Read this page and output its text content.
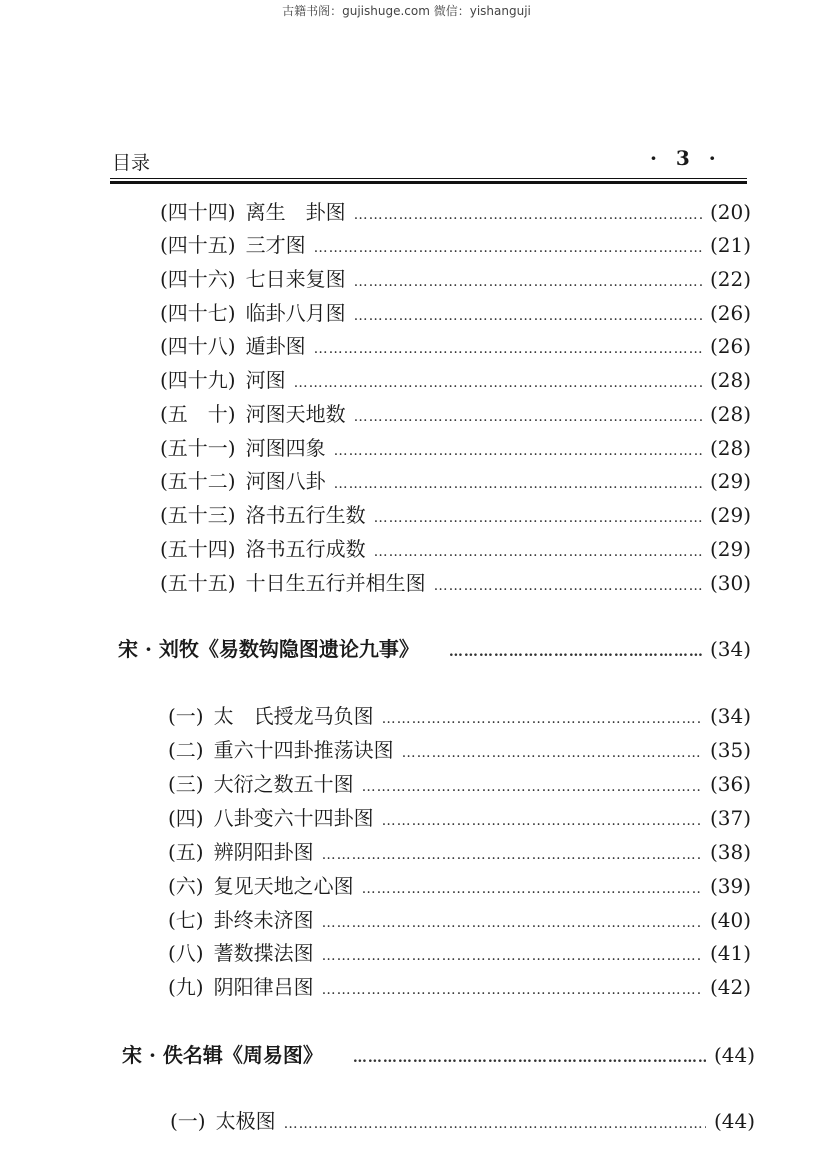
古籍书阁：gujishuge.com 微信：yishanguji
目录	· 3 ·
(四十四) 离生　卦图 …………………………………………………………………………………………………………………………………………	(20)
(四十五) 三才图 …………………………………………………………………………………………………………………………………………	(21)
(四十六) 七日来复图 …………………………………………………………………………………………………………………………………………	(22)
(四十七) 临卦八月图 …………………………………………………………………………………………………………………………………………	(26)
(四十八) 遁卦图 …………………………………………………………………………………………………………………………………………	(26)
(四十九) 河图 …………………………………………………………………………………………………………………………………………	(28)
(五　十) 河图天地数 …………………………………………………………………………………………………………………………………………	(28)
(五十一) 河图四象 …………………………………………………………………………………………………………………………………………	(28)
(五十二) 河图八卦 …………………………………………………………………………………………………………………………………………	(29)
(五十三) 洛书五行生数 …………………………………………………………………………………………………………………………………………	(29)
(五十四) 洛书五行成数 …………………………………………………………………………………………………………………………………………	(29)
(五十五) 十日生五行并相生图 …………………………………………………………………………………………………………………………………………	(30)
宋 · 刘牧《易数钩隐图遗论九事》 …………………………………………………………………………………………………………………………………………	(34)
(一) 太　氏授龙马负图 …………………………………………………………………………………………………………………………………………	(34)
(二) 重六十四卦推荡诀图 …………………………………………………………………………………………………………………………………………	(35)
(三) 大衍之数五十图 …………………………………………………………………………………………………………………………………………	(36)
(四) 八卦变六十四卦图 …………………………………………………………………………………………………………………………………………	(37)
(五) 辨阴阳卦图 …………………………………………………………………………………………………………………………………………	(38)
(六) 复见天地之心图 …………………………………………………………………………………………………………………………………………	(39)
(七) 卦终未济图 …………………………………………………………………………………………………………………………………………	(40)
(八) 蓍数揲法图 …………………………………………………………………………………………………………………………………………	(41)
(九) 阴阳律吕图 …………………………………………………………………………………………………………………………………………	(42)
宋 · 佚名辑《周易图》 …………………………………………………………………………………………………………………………………………	(44)
(一) 太极图 …………………………………………………………………………………………………………………………………………	(44)
